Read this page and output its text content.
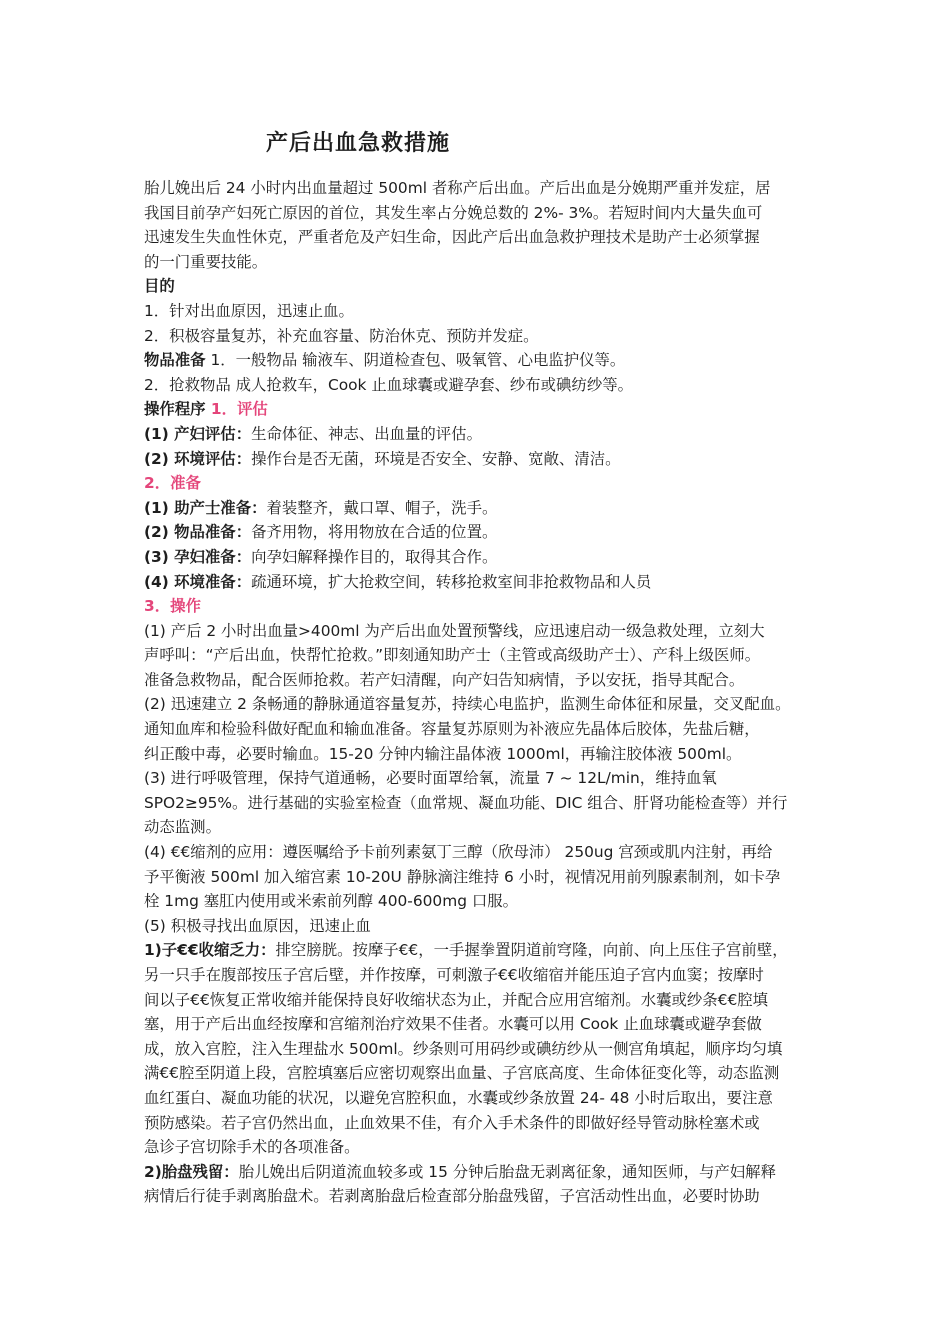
产后出血急救措施
胎儿娩出后 24 小时内出血量超过 500ml 者称产后出血。产后出血是分娩期严重并发症，居
我国目前孕产妇死亡原因的首位，其发生率占分娩总数的 2%- 3%。若短时间内大量失血可
迅速发生失血性休克，严重者危及产妇生命，因此产后出血急救护理技术是助产士必须掌握
的一门重要技能。
目的
1．针对出血原因，迅速止血。
2．积极容量复苏，补充血容量、防治休克、预防并发症。
物品准备 1．一般物品 输液车、阴道检查包、吸氧管、心电监护仪等。
2．抢救物品 成人抢救车，Cook 止血球囊或避孕套、纱布或碘纺纱等。
操作程序 1．评估
(1) 产妇评估：生命体征、神志、出血量的评估。
(2) 环境评估：操作台是否无菌，环境是否安全、安静、宽敞、清洁。
2．准备
(1) 助产士准备：着装整齐，戴口罩、帽子，洗手。
(2) 物品准备：备齐用物，将用物放在合适的位置。
(3) 孕妇准备：向孕妇解释操作目的，取得其合作。
(4) 环境准备：疏通环境，扩大抢救空间，转移抢救室间非抢救物品和人员
3．操作
(1) 产后 2 小时出血量>400ml 为产后出血处置预警线，应迅速启动一级急救处理，立刻大
声呼叫：“产后出血，快帮忙抢救。”即刻通知助产士（主管或高级助产士）、产科上级医师。
准备急救物品，配合医师抢救。若产妇清醒，向产妇告知病情，予以安抚，指导其配合。
(2) 迅速建立 2 条畅通的静脉通道容量复苏，持续心电监护，监测生命体征和尿量，交叉配血。
通知血库和检验科做好配血和输血准备。容量复苏原则为补液应先晶体后胶体，先盐后糖，
纠正酸中毒，必要时输血。15-20 分钟内输注晶体液 1000ml，再输注胶体液 500ml。
(3) 进行呼吸管理，保持气道通畅，必要时面罩给氧，流量 7 ~ 12L/min，维持血氧
SPO2≥95%。进行基础的实验室检查（血常规、凝血功能、DIC 组合、肝肾功能检查等）并行
动态监测。
(4) €€缩剂的应用：遵医嘱给予卡前列素氨丁三醇（欣母沛） 250ug 宫颈或肌内注射，再给
予平衡液 500ml 加入缩宫素 10-20U 静脉滴注维持 6 小时，视情况用前列腺素制剂，如卡孕
栓 1mg 塞肛内使用或米索前列醇 400-600mg 口服。
(5) 积极寻找出血原因，迅速止血
1)子€€收缩乏力：排空膀胱。按摩子€€，一手握拳置阴道前穹隆，向前、向上压住子宫前壁，
另一只手在腹部按压子宫后壁，并作按摩，可刺激子€€收缩宿并能压迫子宫内血窦；按摩时
间以子€€恢复正常收缩并能保持良好收缩状态为止，并配合应用宫缩剂。水囊或纱条€€腔填
塞，用于产后出血经按摩和宫缩剂治疗效果不佳者。水囊可以用 Cook 止血球囊或避孕套做
成，放入宫腔，注入生理盐水 500ml。纱条则可用码纱或碘纺纱从一侧宫角填起，顺序均匀填
满€€腔至阴道上段，宫腔填塞后应密切观察出血量、子宫底高度、生命体征变化等，动态监测
血红蛋白、凝血功能的状况，以避免宫腔积血，水囊或纱条放置 24- 48 小时后取出，要注意
预防感染。若子宫仍然出血，止血效果不佳，有介入手术条件的即做好经导管动脉栓塞术或
急诊子宫切除手术的各项准备。
2)胎盘残留：胎儿娩出后阴道流血较多或 15 分钟后胎盘无剥离征象，通知医师，与产妇解释
病情后行徒手剥离胎盘术。若剥离胎盘后检查部分胎盘残留，子宫活动性出血，必要时协助
